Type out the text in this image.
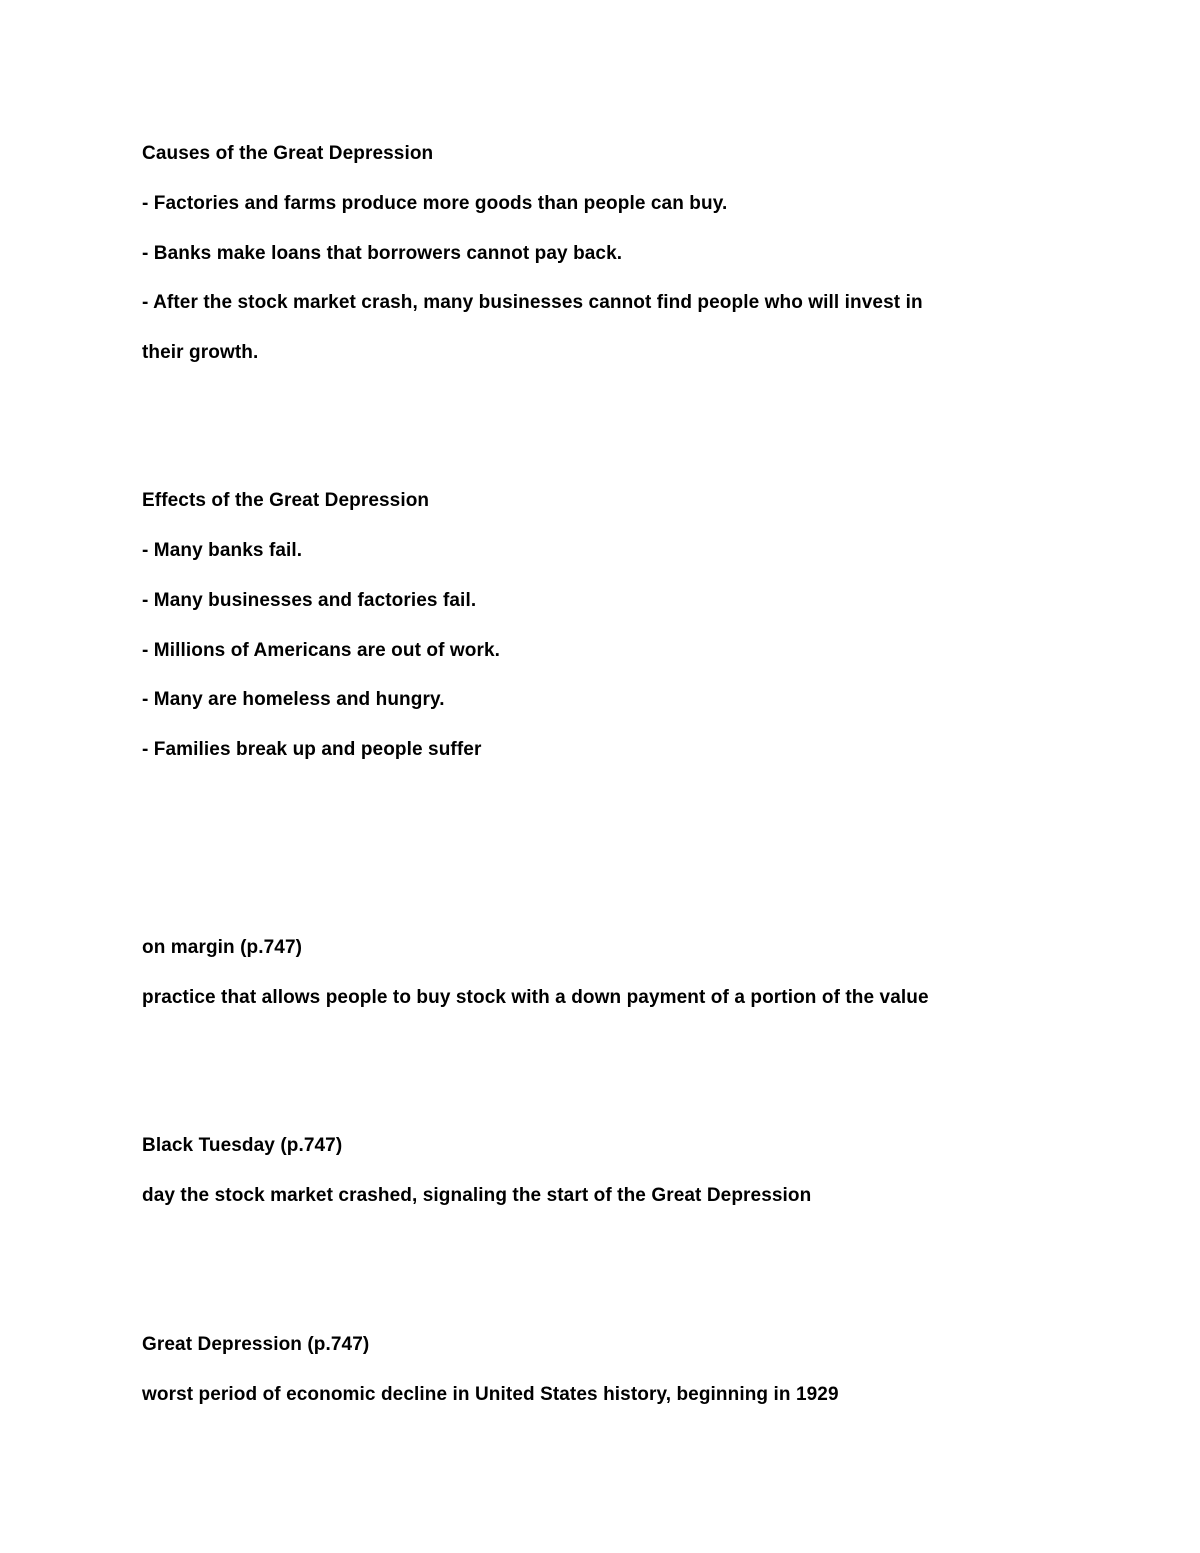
Causes of the Great Depression
- Factories and farms produce more goods than people can buy.
- Banks make loans that borrowers cannot pay back.
- After the stock market crash, many businesses cannot find people who will invest in
their growth.
Effects of the Great Depression
- Many banks fail.
- Many businesses and factories fail.
- Millions of Americans are out of work.
- Many are homeless and hungry.
- Families break up and people suffer
on margin (p.747)
practice that allows people to buy stock with a down payment of a portion of the value
Black Tuesday (p.747)
day the stock market crashed, signaling the start of the Great Depression
Great Depression (p.747)
worst period of economic decline in United States history, beginning in 1929
